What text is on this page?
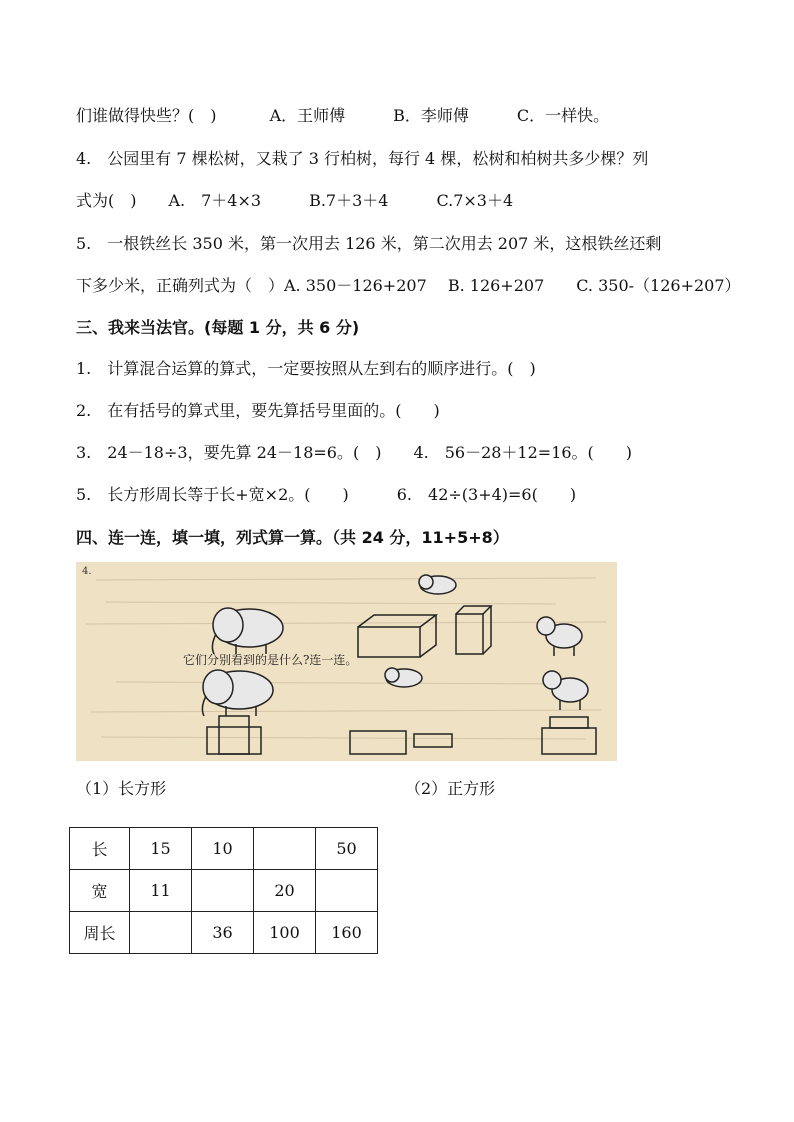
们谁做得快些？(　)　　　 A．王师傅　　　B．李师傅　　　C．一样快。
4.　公园里有 7 棵松树，又栽了 3 行柏树，每行 4 棵，松树和柏树共多少棵？列
式为(　)　　A.　7＋4×3　　　B.7＋3＋4　　　C.7×3＋4
5.　一根铁丝长 350 米，第一次用去 126 米，第二次用去 207 米，这根铁丝还剩
下多少米，正确列式为（　）A. 350－126+207　 B. 126+207　　C. 350-（126+207）
三、我来当法官。(每题 1 分，共 6 分)
1.　计算混合运算的算式，一定要按照从左到右的顺序进行。(　)
2.　在有括号的算式里，要先算括号里面的。(　　)
3.　24－18÷3，要先算 24－18=6。(　)　　4.　56－28＋12=16。(　　)
5.　长方形周长等于长+宽×2。(　　)　　　6.　42÷(3+4)=6(　　)
四、连一连，填一填，列式算一算。（共 24 分，11+5+8）
4.
它们分别看到的是什么?连一连。
（1）长方形	（2）正方形
长	15	10		50
宽	11		20	
周长		36	100	160
